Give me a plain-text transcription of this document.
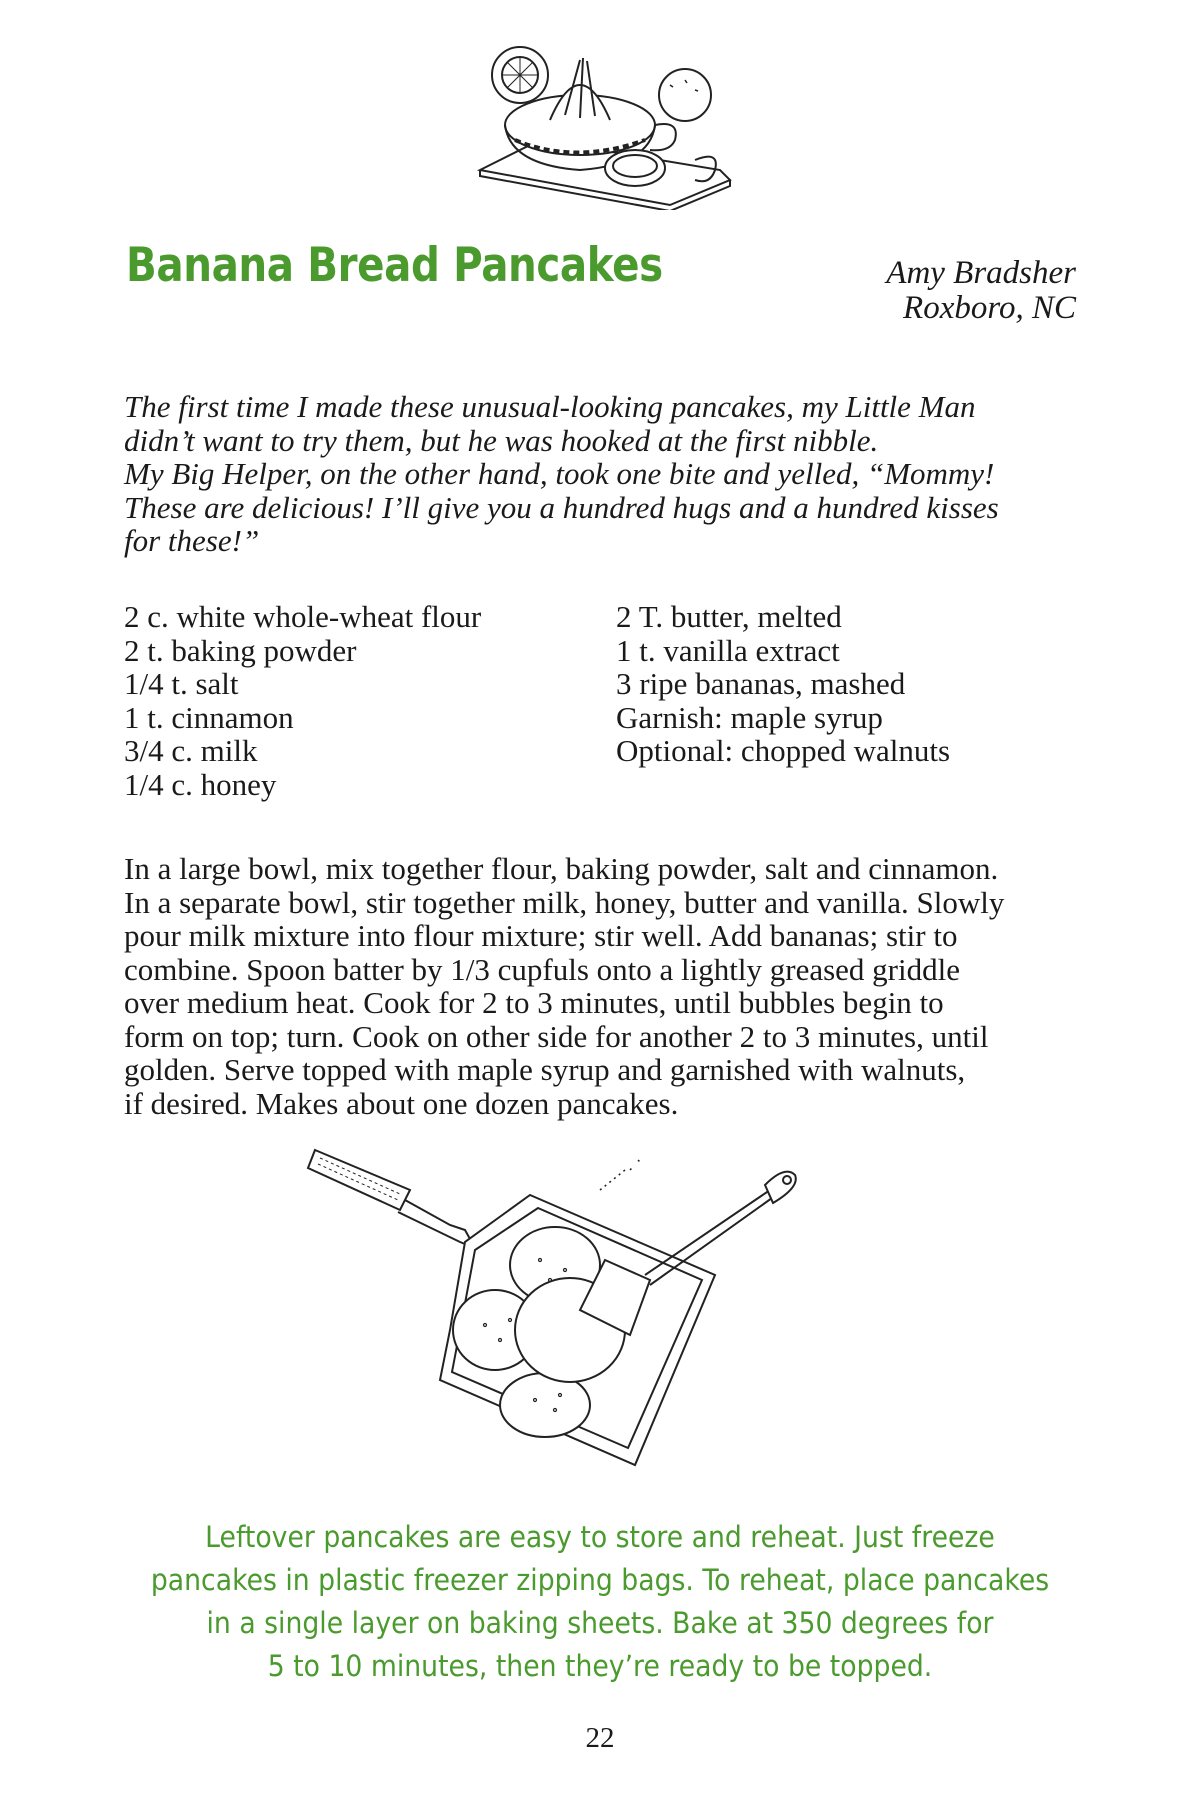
Banana Bread Pancakes	Amy Bradsher
Roxboro, NC
The first time I made these unusual-looking pancakes, my Little Man
didn’t want to try them, but he was hooked at the first nibble.
My Big Helper, on the other hand, took one bite and yelled, “Mommy!
These are delicious! I’ll give you a hundred hugs and a hundred kisses
for these!”
2 c. white whole-wheat flour
2 t. baking powder
1/4 t. salt
1 t. cinnamon
3/4 c. milk
1/4 c. honey
2 T. butter, melted
1 t. vanilla extract
3 ripe bananas, mashed
Garnish: maple syrup
Optional: chopped walnuts
In a large bowl, mix together flour, baking powder, salt and cinnamon.
In a separate bowl, stir together milk, honey, butter and vanilla. Slowly
pour milk mixture into flour mixture; stir well. Add bananas; stir to
combine. Spoon batter by 1/3 cupfuls onto a lightly greased griddle
over medium heat. Cook for 2 to 3 minutes, until bubbles begin to
form on top; turn. Cook on other side for another 2 to 3 minutes, until
golden. Serve topped with maple syrup and garnished with walnuts,
if desired. Makes about one dozen pancakes.
Leftover pancakes are easy to store and reheat. Just freeze
pancakes in plastic freezer zipping bags. To reheat, place pancakes
in a single layer on baking sheets. Bake at 350 degrees for
5 to 10 minutes, then they’re ready to be topped.
22
